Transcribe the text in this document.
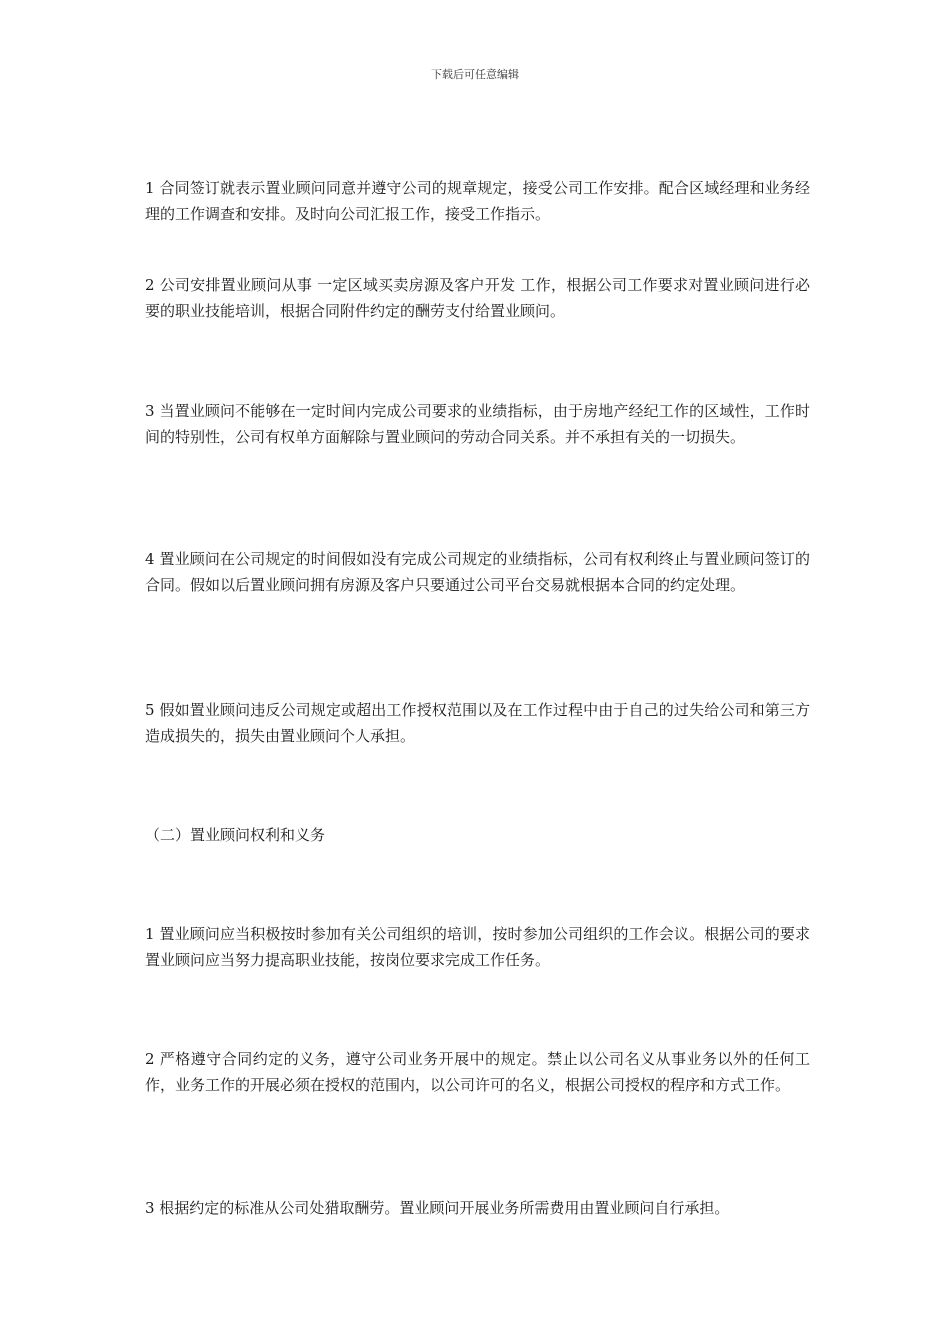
下载后可任意编辑

1 合同签订就表示置业顾问同意并遵守公司的规章规定，接受公司工作安排。配合区域经理和业务经理的工作调查和安排。及时向公司汇报工作，接受工作指示。

2 公司安排置业顾问从事 一定区域买卖房源及客户开发 工作，根据公司工作要求对置业顾问进行必要的职业技能培训，根据合同附件约定的酬劳支付给置业顾问。

3 当置业顾问不能够在一定时间内完成公司要求的业绩指标，由于房地产经纪工作的区域性，工作时间的特别性，公司有权单方面解除与置业顾问的劳动合同关系。并不承担有关的一切损失。

4 置业顾问在公司规定的时间假如没有完成公司规定的业绩指标，公司有权利终止与置业顾问签订的合同。假如以后置业顾问拥有房源及客户只要通过公司平台交易就根据本合同的约定处理。

5 假如置业顾问违反公司规定或超出工作授权范围以及在工作过程中由于自己的过失给公司和第三方造成损失的，损失由置业顾问个人承担。

（二）置业顾问权利和义务

1 置业顾问应当积极按时参加有关公司组织的培训，按时参加公司组织的工作会议。根据公司的要求置业顾问应当努力提高职业技能，按岗位要求完成工作任务。

2 严格遵守合同约定的义务，遵守公司业务开展中的规定。禁止以公司名义从事业务以外的任何工作，业务工作的开展必须在授权的范围内，以公司许可的名义，根据公司授权的程序和方式工作。

3 根据约定的标准从公司处猎取酬劳。置业顾问开展业务所需费用由置业顾问自行承担。
